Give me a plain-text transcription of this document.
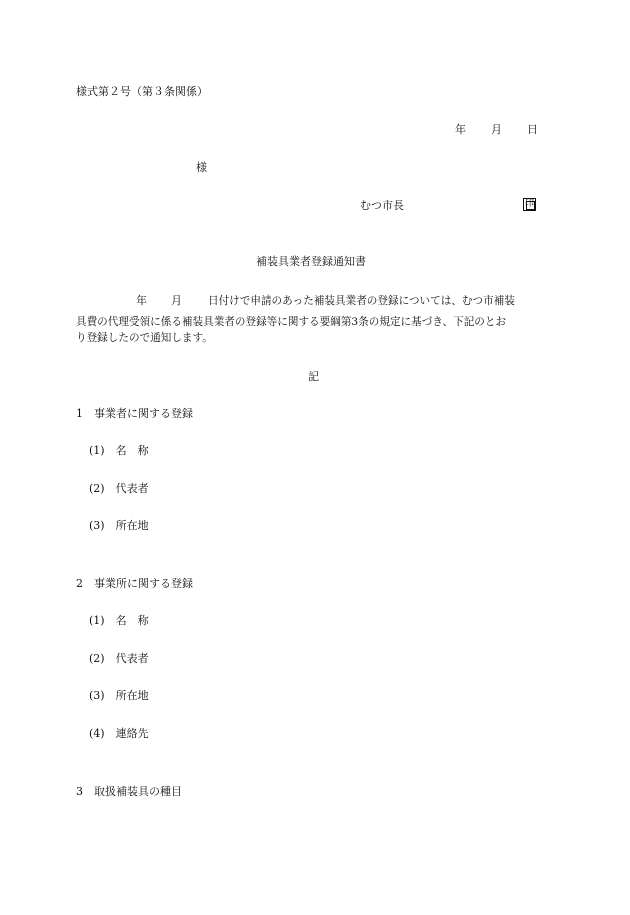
様式第２号（第３条関係）
年 月 日
様
むつ市長	印
補装具業者登録通知書
年 月 日付けで申請のあった補装具業者の登録については、むつ市補装
具費の代理受領に係る補装具業者の登録等に関する要綱第3条の規定に基づき、下記のとお
り登録したので通知します。
記
1　事業者に関する登録
(1)　名　称
(2)　代表者
(3)　所在地
2　事業所に関する登録
(1)　名　称
(2)　代表者
(3)　所在地
(4)　連絡先
3　取扱補装具の種目
